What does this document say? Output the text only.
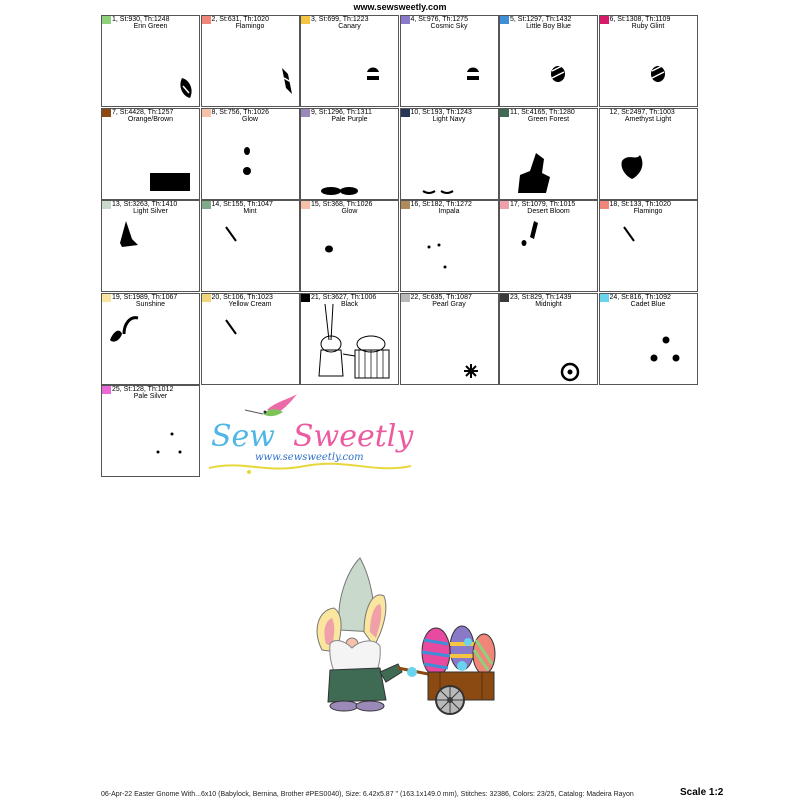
www.sewsweetly.com
1, St:930, Th:1248
Erin Green
2, St:631, Th:1020
Flamingo
3, St:699, Th:1223
Canary
4, St:976, Th:1275
Cosmic Sky
5, St:1297, Th:1432
Little Boy Blue
6, St:1308, Th:1109
Ruby Glint
7, St:4428, Th:1257
Orange/Brown
8, St:756, Th:1026
Glow
9, St:1296, Th:1311
Pale Purple
10, St:193, Th:1243
Light Navy
11, St:4165, Th:1280
Green Forest
12, St:2497, Th:1003
Amethyst Light
13, St:3263, Th:1410
Light Silver
14, St:155, Th:1047
Mint
15, St:368, Th:1026
Glow
16, St:182, Th:1272
Impala
17, St:1079, Th:1015
Desert Bloom
18, St:133, Th:1020
Flamingo
19, St:1989, Th:1067
Sunshine
20, St:106, Th:1023
Yellow Cream
21, St:3627, Th:1006
Black
22, St:635, Th:1087
Pearl Gray
23, St:829, Th:1439
Midnight
24, St:816, Th:1092
Cadet Blue
25, St:128, Th:1012
Pale Silver
Sew Sweetly
www.sewsweetly.com
06-Apr-22 Easter Gnome With...6x10 (Babylock, Bernina, Brother #PES0040), Size: 6.42x5.87 " (163.1x149.0 mm), Stitches: 32386, Colors: 23/25, Catalog: Madeira Rayon	Scale 1:2
